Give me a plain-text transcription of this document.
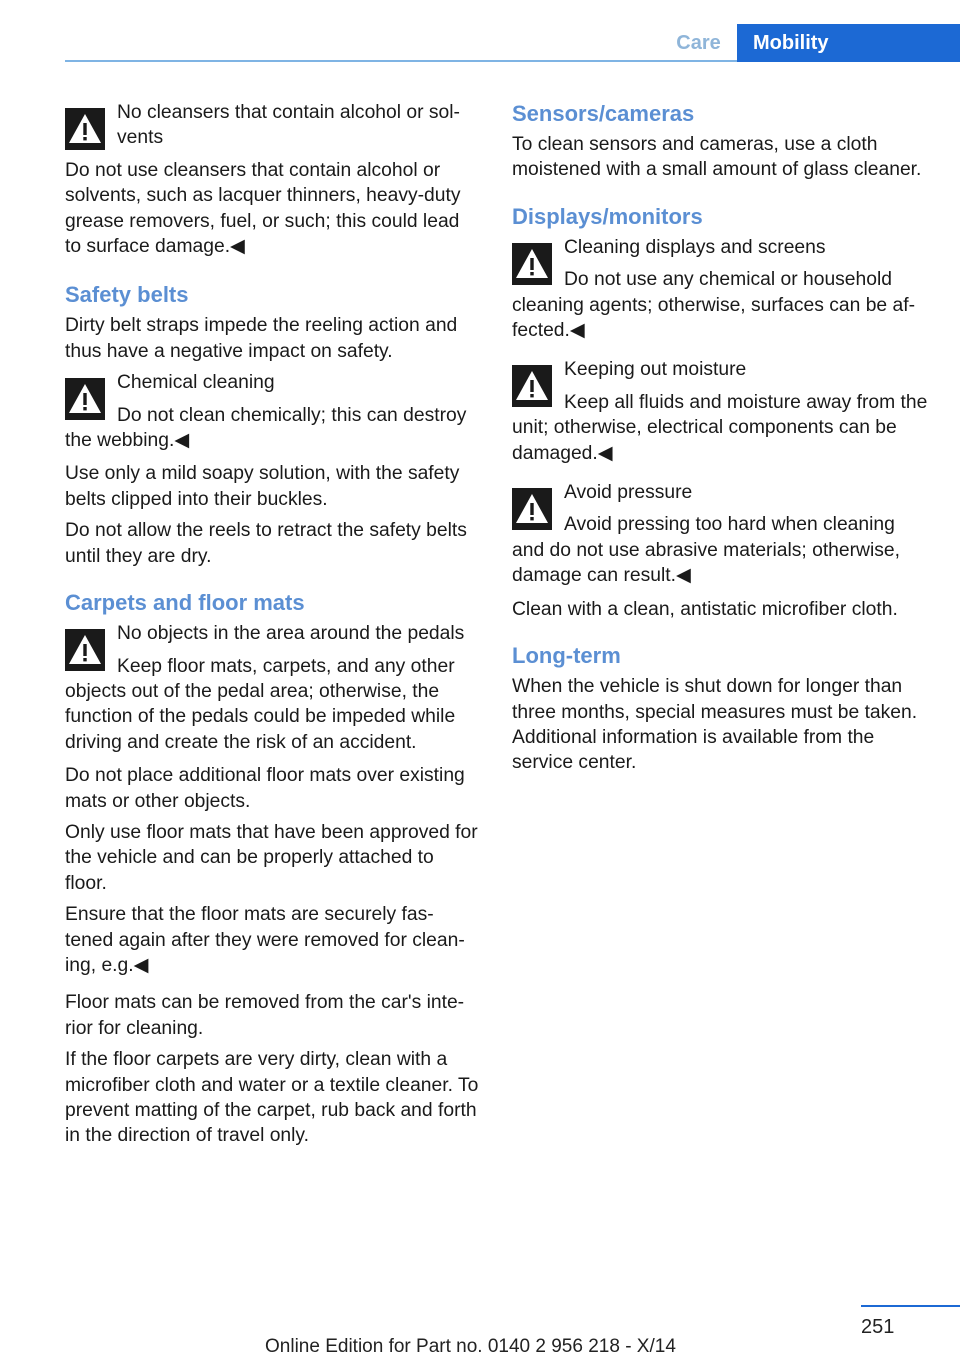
Care	Mobility
No cleansers that contain alcohol or sol-vents
Do not use cleansers that contain alcohol or solvents, such as lacquer thinners, heavy-duty grease removers, fuel, or such; this could lead to surface damage.◀
Safety belts
Dirty belt straps impede the reeling action and thus have a negative impact on safety.
Chemical cleaning
Do not clean chemically; this can destroy the webbing.◀
Use only a mild soapy solution, with the safety belts clipped into their buckles.
Do not allow the reels to retract the safety belts until they are dry.
Carpets and floor mats
No objects in the area around the pedals
Keep floor mats, carpets, and any other objects out of the pedal area; otherwise, the function of the pedals could be impeded while driving and create the risk of an accident.
Do not place additional floor mats over existing mats or other objects.
Only use floor mats that have been approved for the vehicle and can be properly attached to floor.
Ensure that the floor mats are securely fas-tened again after they were removed for clean-ing, e.g.◀
Floor mats can be removed from the car's inte-rior for cleaning.
If the floor carpets are very dirty, clean with a microfiber cloth and water or a textile cleaner. To prevent matting of the carpet, rub back and forth in the direction of travel only.
Sensors/cameras
To clean sensors and cameras, use a cloth moistened with a small amount of glass cleaner.
Displays/monitors
Cleaning displays and screens
Do not use any chemical or household cleaning agents; otherwise, surfaces can be af-fected.◀
Keeping out moisture
Keep all fluids and moisture away from the unit; otherwise, electrical components can be damaged.◀
Avoid pressure
Avoid pressing too hard when cleaning and do not use abrasive materials; otherwise, damage can result.◀
Clean with a clean, antistatic microfiber cloth.
Long-term
When the vehicle is shut down for longer than three months, special measures must be taken. Additional information is available from the service center.
251
Online Edition for Part no. 0140 2 956 218 - X/14
